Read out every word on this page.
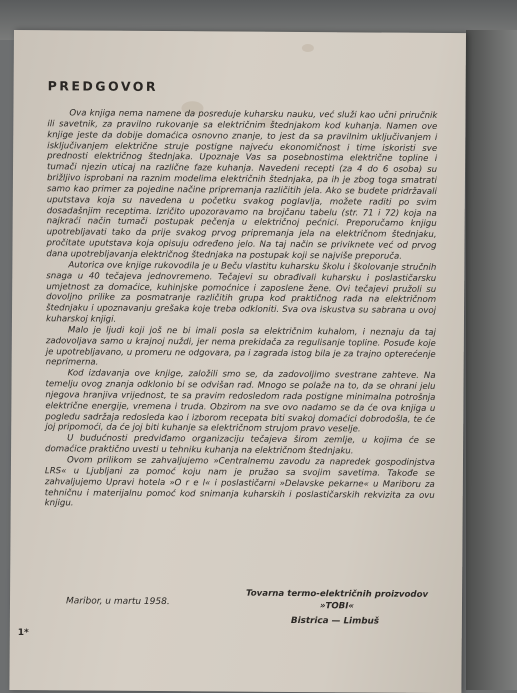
PREDGOVOR

Ova knjiga nema namene da posreduje kuharsku nauku, već služi kao učni priručnik ili savetnik, za pravilno rukovanje sa električnim štednjakom kod kuhanja. Namen ove knjige jeste da dobije domaćica osnovno znanje, to jest da sa pravilnim uključivanjem i isključivanjem električne struje postigne najveću ekonomičnost i time iskoristi sve prednosti električnog štednjaka. Upoznaje Vas sa posebnostima električne topline i tumači njezin uticaj na različne faze kuhanja. Navedeni recepti (za 4 do 6 osoba) su brižljivo isprobani na raznim modelima električnih štednjaka, pa ih je zbog toga smatrati samo kao primer za pojedine načine pripremanja različitih jela. Ako se budete pridržavali uputstava koja su navedena u početku svakog poglavlja, možete raditi po svim dosadašnjim receptima. Izričito upozoravamo na brojčanu tabelu (str. 71 i 72) koja na najkraći način tumači postupak pečenja u električnoj pećnici. Preporučamo knjigu upotrebljavati tako da prije svakog prvog pripremanja jela na električnom štednjaku, pročitate uputstava koja opisuju određeno jelo. Na taj način se priviknete već od prvog dana upotrebljavanja električnog štednjaka na postupak koji se najviše preporuča.

Autorica ove knjige rukovodila je u Beču vlastitu kuharsku školu i školovanje stručnih snaga u 40 tečajeva jednovremeno. Tečajevi su obrađivali kuharsku i poslastičarsku umjetnost za domaćice, kuhinjske pomoćnice i zaposlene žene. Ovi tečajevi pružoli su dovoljno prilike za posmatranje različitih grupa kod praktičnog rada na električnom štednjaku i upoznavanju grešaka koje treba odkloniti. Sva ova iskustva su sabrana u ovoj kuharskoj knjigi.

Malo je ljudi koji još ne bi imali posla sa električnim kuhalom, i neznaju da taj zadovoljava samo u krajnoj nuždi, jer nema prekidača za regulisanje topline. Posuđe koje je upotrebljavano, u promeru ne odgovara, pa i zagrada istog bila je za trajno opterećenje neprimerna.

Kod izdavanja ove knjige, založili smo se, da zadovoljimo svestrane zahteve. Na temelju ovog znanja odklonio bi se odvišan rad. Mnogo se polaže na to, da se ohrani jelu njegova hranjiva vrijednost, te sa pravim redosledom rada postigne minimalna potrošnja električne energije, vremena i truda. Obzirom na sve ovo nadamo se da će ova knjiga u pogledu sadržaja redosleda kao i izborom recepata biti svakoj domaćici dobrodošla, te će joj pripomoći, da će joj biti kuhanje sa električnom strujom pravo veselje.

U budućnosti predviđamo organizaciju tečajeva širom zemlje, u kojima će se domaćice praktično uvesti u tehniku kuhanja na električnom štednjaku.

Ovom prilikom se zahvaljujemo »Centralnemu zavodu za napredek gospodinjstva LRS« u Ljubljani za pomoć koju nam je pružao sa svojim savetima. Takođe se zahvaljujemo Upravi hotela »O r e l« i poslastičarni »Delavske pekarne« u Mariboru za tehničnu i materijalnu pomoć kod snimanja kuharskih i poslastičarskih rekvizita za ovu knjigu.

Maribor, u martu 1958.
Tovarna termo-električnih proizvodov
»TOBI«
Bistrica — Limbuš
1*
